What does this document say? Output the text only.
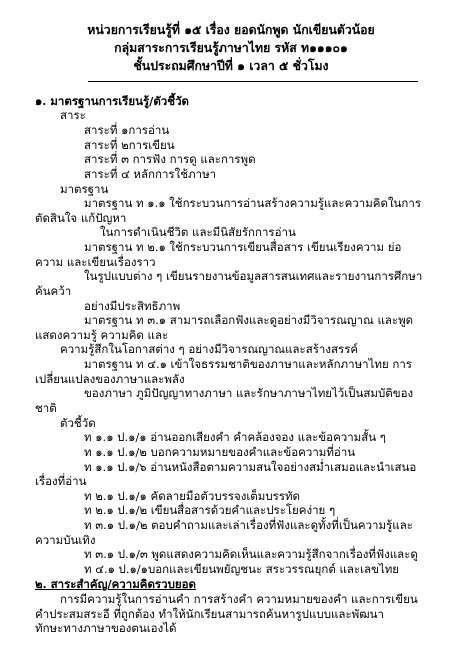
หน่วยการเรียนรู้ที่ ๑๕ เรื่อง ยอดนักพูด นักเขียนตัวน้อย
กลุ่มสาระการเรียนรู้ภาษาไทย รหัส ท๑๑๑๐๑
ชั้นประถมศึกษาปีที่ ๑ เวลา ๕ ชั่วโมง
๑. มาตรฐานการเรียนรู้/ตัวชี้วัด
สาระ
สาระที่ ๑การอ่าน
สาระที่ ๒การเขียน
สาระที่ ๓ การฟัง การดู และการพูด
สาระที่ ๔ หลักการใช้ภาษา
มาตรฐาน
มาตรฐาน ท ๑.๑ ใช้กระบวนการอ่านสร้างความรู้และความคิดในการ
ตัดสินใจ แก้ปัญหา
ในการดำเนินชีวิต และมีนิสัยรักการอ่าน
มาตรฐาน ท ๒.๑ ใช้กระบวนการเขียนสื่อสาร เขียนเรียงความ ย่อ
ความ และเขียนเรื่องราว
ในรูปแบบต่าง ๆ เขียนรายงานข้อมูลสารสนเทศและรายงานการศึกษา
ค้นคว้า
อย่างมีประสิทธิภาพ
มาตรฐาน ท ๓.๑ สามารถเลือกฟังและดูอย่างมีวิจารณญาณ และพูด
แสดงความรู้ ความคิด และ
ความรู้สึกในโอกาสต่าง ๆ อย่างมีวิจารณญาณและสร้างสรรค์
มาตรฐาน ท ๔.๑ เข้าใจธรรมชาติของภาษาและหลักภาษาไทย การ
เปลี่ยนแปลงของภาษาและพลัง
ของภาษา ภูมิปัญญาทางภาษา และรักษาภาษาไทยไว้เป็นสมบัติของ
ชาติ
ตัวชี้วัด
ท ๑.๑ ป.๑/๑ อ่านออกเสียงคำ คำคล้องจอง และข้อความสั้น ๆ
ท ๑.๑ ป.๑/๒ บอกความหมายของคำและข้อความที่อ่าน
ท ๑.๑ ป.๑/๖ อ่านหนังสือตามความสนใจอย่างสม่ำเสมอและนำเสนอ
เรื่องที่อ่าน
ท ๒.๑ ป.๑/๑ คัดลายมือตัวบรรจงเต็มบรรทัด
ท ๒.๑ ป.๑/๒ เขียนสื่อสารด้วยคำและประโยคง่าย ๆ
ท ๓.๑ ป.๑/๒ ตอบคำถามและเล่าเรื่องที่ฟังและดูทั้งที่เป็นความรู้และ
ความบันเทิง
ท ๓.๑ ป.๑/๓ พูดแสดงความคิดเห็นและความรู้สึกจากเรื่องที่ฟังและดู
ท ๔.๑ ป.๑/๑บอกและเขียนพยัญชนะ สระวรรณยุกต์ และเลขไทย
๒. สาระสำคัญ/ความคิดรวบยอด
การมีความรู้ในการอ่านคำ การสร้างคำ ความหมายของคำ และการเขียน
คำประสมสระอี ที่ถูกต้อง ทำให้นักเรียนสามารถค้นหารูปแบบและพัฒนา
ทักษะทางภาษาของตนเองได้
